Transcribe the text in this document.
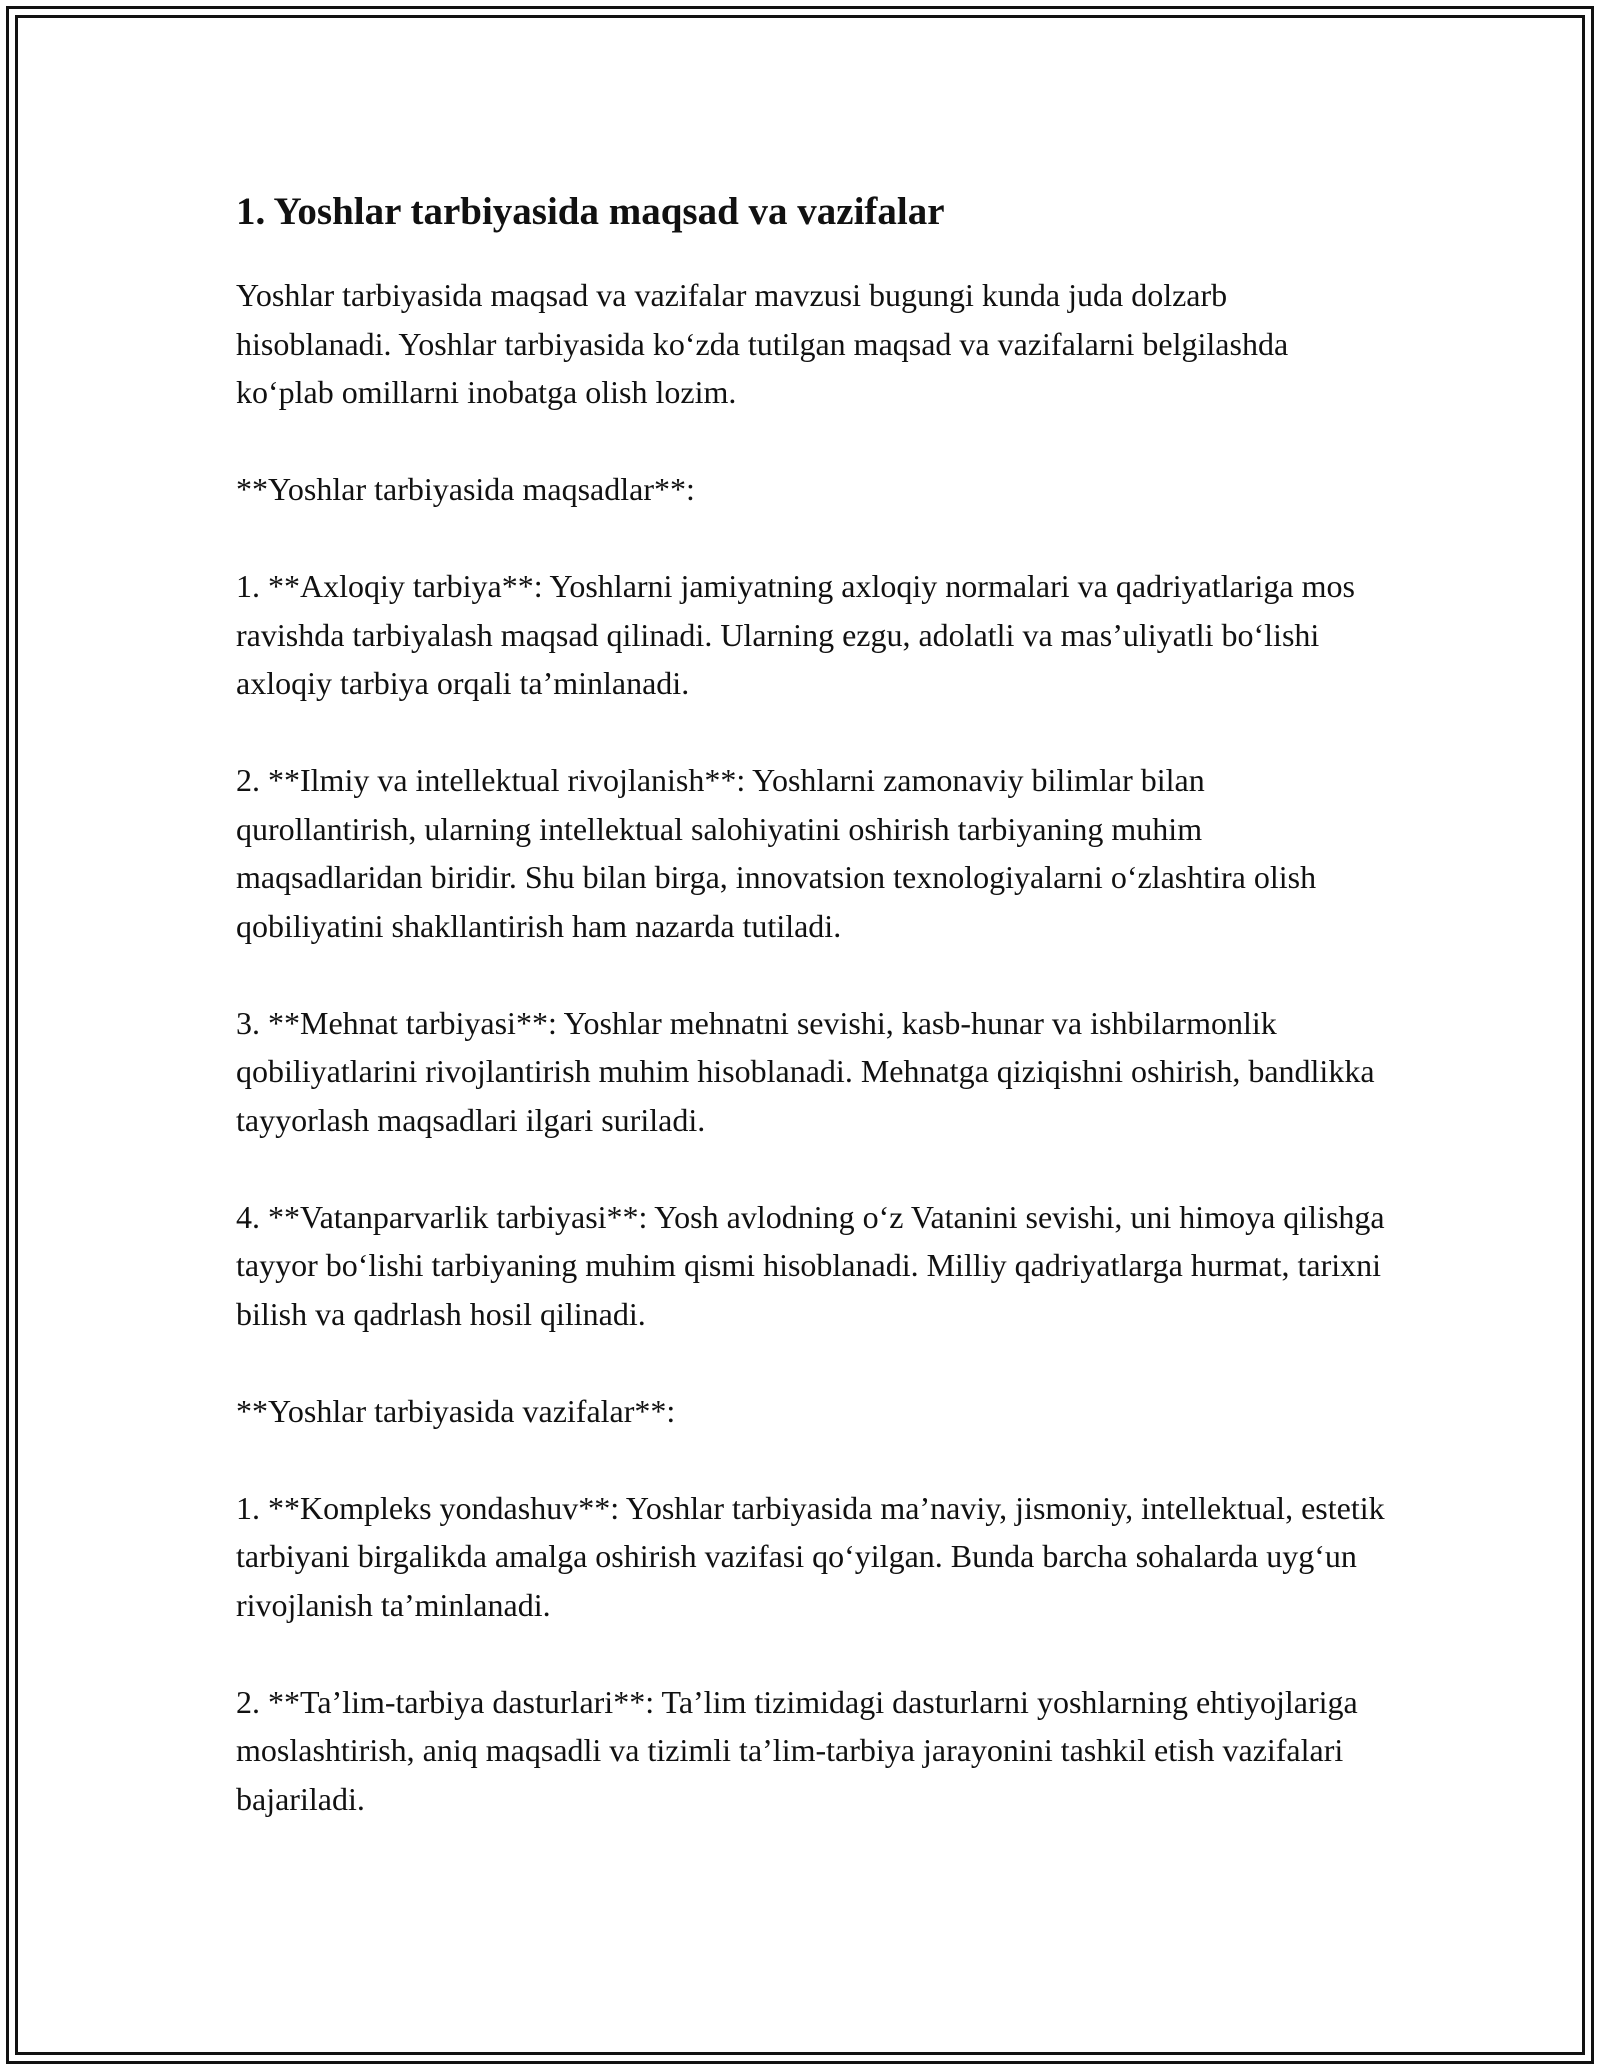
1. Yoshlar tarbiyasida maqsad va vazifalar

Yoshlar tarbiyasida maqsad va vazifalar mavzusi bugungi kunda juda dolzarb hisoblanadi. Yoshlar tarbiyasida koʻzda tutilgan maqsad va vazifalarni belgilashda koʻplab omillarni inobatga olish lozim.

**Yoshlar tarbiyasida maqsadlar**:

1. **Axloqiy tarbiya**: Yoshlarni jamiyatning axloqiy normalari va qadriyatlariga mos ravishda tarbiyalash maqsad qilinadi. Ularning ezgu, adolatli va masʼuliyatli boʻlishi axloqiy tarbiya orqali taʼminlanadi.

2. **Ilmiy va intellektual rivojlanish**: Yoshlarni zamonaviy bilimlar bilan qurollantirish, ularning intellektual salohiyatini oshirish tarbiyaning muhim maqsadlaridan biridir. Shu bilan birga, innovatsion texnologiyalarni oʻzlashtira olish qobiliyatini shakllantirish ham nazarda tutiladi.

3. **Mehnat tarbiyasi**: Yoshlar mehnatni sevishi, kasb-hunar va ishbilarmonlik qobiliyatlarini rivojlantirish muhim hisoblanadi. Mehnatga qiziqishni oshirish, bandlikka tayyorlash maqsadlari ilgari suriladi.

4. **Vatanparvarlik tarbiyasi**: Yosh avlodning oʻz Vatanini sevishi, uni himoya qilishga tayyor boʻlishi tarbiyaning muhim qismi hisoblanadi. Milliy qadriyatlarga hurmat, tarixni bilish va qadrlash hosil qilinadi.

**Yoshlar tarbiyasida vazifalar**:

1. **Kompleks yondashuv**: Yoshlar tarbiyasida maʼnaviy, jismoniy, intellektual, estetik tarbiyani birgalikda amalga oshirish vazifasi qoʻyilgan. Bunda barcha sohalarda uygʻun rivojlanish taʼminlanadi.

2. **Taʼlim-tarbiya dasturlari**: Taʼlim tizimidagi dasturlarni yoshlarning ehtiyojlariga moslashtirish, aniq maqsadli va tizimli taʼlim-tarbiya jarayonini tashkil etish vazifalari bajariladi.
